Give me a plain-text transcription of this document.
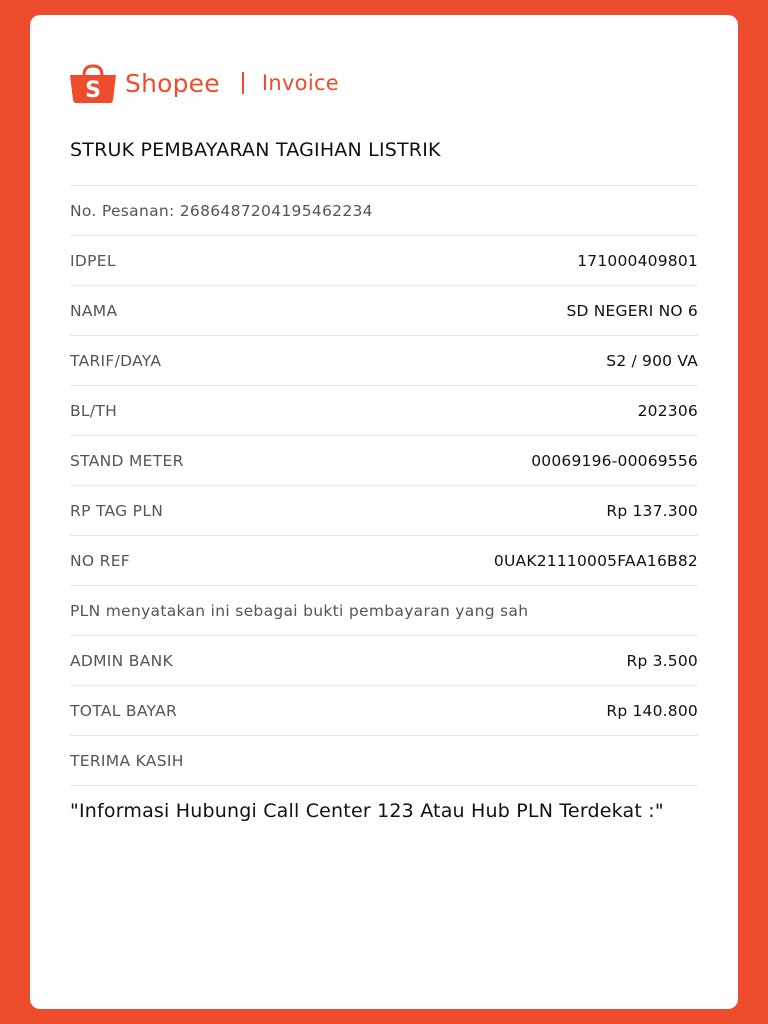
S Shopee Invoice
STRUK PEMBAYARAN TAGIHAN LISTRIK
No. Pesanan: 2686487204195462234
IDPEL	171000409801
NAMA	SD NEGERI NO 6
TARIF/DAYA	S2 / 900 VA
BL/TH	202306
STAND METER	00069196-00069556
RP TAG PLN	Rp 137.300
NO REF	0UAK21110005FAA16B82
PLN menyatakan ini sebagai bukti pembayaran yang sah
ADMIN BANK	Rp 3.500
TOTAL BAYAR	Rp 140.800
TERIMA KASIH
"Informasi Hubungi Call Center 123 Atau Hub PLN Terdekat :"
